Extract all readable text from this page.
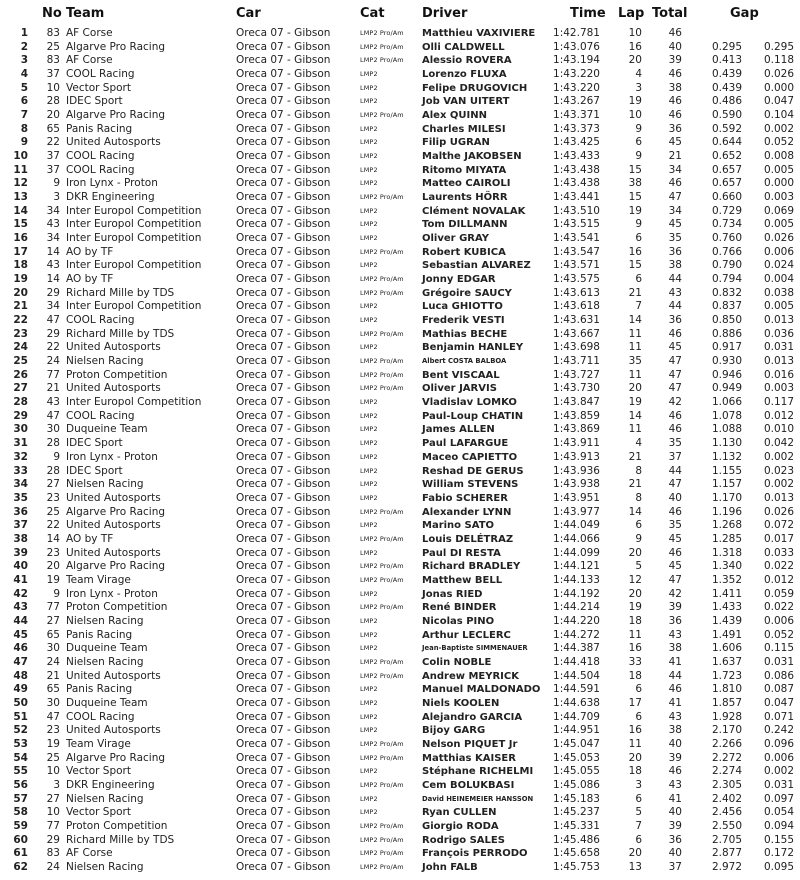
No Team	Car	Cat	Driver	Time Lap Total	Gap
1	83 AF Corse	Oreca 07 - Gibson	LMP2 Pro/Am Matthieu VAXIVIERE	1:42.781	10	46
2	25 Algarve Pro Racing	Oreca 07 - Gibson	LMP2 Pro/Am Olli CALDWELL	1:43.076	16	40	0.295	0.295
3	83 AF Corse	Oreca 07 - Gibson	LMP2 Pro/Am Alessio ROVERA	1:43.194	20	39	0.413	0.118
4	37 COOL Racing	Oreca 07 - Gibson	LMP2	Lorenzo FLUXA	1:43.220	4	46	0.439	0.026
5	10 Vector Sport	Oreca 07 - Gibson	LMP2	Felipe DRUGOVICH	1:43.220	3	38	0.439	0.000
6	28 IDEC Sport	Oreca 07 - Gibson	LMP2	Job VAN UITERT	1:43.267	19	46	0.486	0.047
7	20 Algarve Pro Racing	Oreca 07 - Gibson	LMP2 Pro/Am Alex QUINN	1:43.371	10	46	0.590	0.104
8	65 Panis Racing	Oreca 07 - Gibson	LMP2	Charles MILESI	1:43.373	9	36	0.592	0.002
9	22 United Autosports	Oreca 07 - Gibson	LMP2	Filip UGRAN	1:43.425	6	45	0.644	0.052
10	37 COOL Racing	Oreca 07 - Gibson	LMP2	Malthe JAKOBSEN	1:43.433	9	21	0.652	0.008
11	37 COOL Racing	Oreca 07 - Gibson	LMP2	Ritomo MIYATA	1:43.438	15	34	0.657	0.005
12	9 Iron Lynx - Proton	Oreca 07 - Gibson	LMP2	Matteo CAIROLI	1:43.438	38	46	0.657	0.000
13	3 DKR Engineering	Oreca 07 - Gibson	LMP2 Pro/Am Laurents HÖRR	1:43.441	15	47	0.660	0.003
14	34 Inter Europol Competition	Oreca 07 - Gibson	LMP2	Clément NOVALAK	1:43.510	19	34	0.729	0.069
15	43 Inter Europol Competition	Oreca 07 - Gibson	LMP2	Tom DILLMANN	1:43.515	9	45	0.734	0.005
16	34 Inter Europol Competition	Oreca 07 - Gibson	LMP2	Oliver GRAY	1:43.541	6	35	0.760	0.026
17	14 AO by TF	Oreca 07 - Gibson	LMP2 Pro/Am Robert KUBICA	1:43.547	16	36	0.766	0.006
18	43 Inter Europol Competition	Oreca 07 - Gibson	LMP2	Sebastian ALVAREZ	1:43.571	15	38	0.790	0.024
19	14 AO by TF	Oreca 07 - Gibson	LMP2 Pro/Am Jonny EDGAR	1:43.575	6	44	0.794	0.004
20	29 Richard Mille by TDS	Oreca 07 - Gibson	LMP2 Pro/Am Grégoire SAUCY	1:43.613	21	43	0.832	0.038
21	34 Inter Europol Competition	Oreca 07 - Gibson	LMP2	Luca GHIOTTO	1:43.618	7	44	0.837	0.005
22	47 COOL Racing	Oreca 07 - Gibson	LMP2	Frederik VESTI	1:43.631	14	36	0.850	0.013
23	29 Richard Mille by TDS	Oreca 07 - Gibson	LMP2 Pro/Am Mathias BECHE	1:43.667	11	46	0.886	0.036
24	22 United Autosports	Oreca 07 - Gibson	LMP2	Benjamin HANLEY	1:43.698	11	45	0.917	0.031
25	24 Nielsen Racing	Oreca 07 - Gibson	LMP2 Pro/Am	Albert COSTA BALBOA	1:43.711	35	47	0.930	0.013
26	77 Proton Competition	Oreca 07 - Gibson	LMP2 Pro/Am Bent VISCAAL	1:43.727	11	47	0.946	0.016
27	21 United Autosports	Oreca 07 - Gibson	LMP2 Pro/Am Oliver JARVIS	1:43.730	20	47	0.949	0.003
28	43 Inter Europol Competition	Oreca 07 - Gibson	LMP2	Vladislav LOMKO	1:43.847	19	42	1.066	0.117
29	47 COOL Racing	Oreca 07 - Gibson	LMP2	Paul-Loup CHATIN	1:43.859	14	46	1.078	0.012
30	30 Duqueine Team	Oreca 07 - Gibson	LMP2	James ALLEN	1:43.869	11	46	1.088	0.010
31	28 IDEC Sport	Oreca 07 - Gibson	LMP2	Paul LAFARGUE	1:43.911	4	35	1.130	0.042
32	9 Iron Lynx - Proton	Oreca 07 - Gibson	LMP2	Maceo CAPIETTO	1:43.913	21	37	1.132	0.002
33	28 IDEC Sport	Oreca 07 - Gibson	LMP2	Reshad DE GERUS	1:43.936	8	44	1.155	0.023
34	27 Nielsen Racing	Oreca 07 - Gibson	LMP2	William STEVENS	1:43.938	21	47	1.157	0.002
35	23 United Autosports	Oreca 07 - Gibson	LMP2	Fabio SCHERER	1:43.951	8	40	1.170	0.013
36	25 Algarve Pro Racing	Oreca 07 - Gibson	LMP2 Pro/Am Alexander LYNN	1:43.977	14	46	1.196	0.026
37	22 United Autosports	Oreca 07 - Gibson	LMP2	Marino SATO	1:44.049	6	35	1.268	0.072
38	14 AO by TF	Oreca 07 - Gibson	LMP2 Pro/Am Louis DELÉTRAZ	1:44.066	9	45	1.285	0.017
39	23 United Autosports	Oreca 07 - Gibson	LMP2	Paul DI RESTA	1:44.099	20	46	1.318	0.033
40	20 Algarve Pro Racing	Oreca 07 - Gibson	LMP2 Pro/Am Richard BRADLEY	1:44.121	5	45	1.340	0.022
41	19 Team Virage	Oreca 07 - Gibson	LMP2 Pro/Am Matthew BELL	1:44.133	12	47	1.352	0.012
42	9 Iron Lynx - Proton	Oreca 07 - Gibson	LMP2	Jonas RIED	1:44.192	20	42	1.411	0.059
43	77 Proton Competition	Oreca 07 - Gibson	LMP2 Pro/Am René BINDER	1:44.214	19	39	1.433	0.022
44	27 Nielsen Racing	Oreca 07 - Gibson	LMP2	Nicolas PINO	1:44.220	18	36	1.439	0.006
45	65 Panis Racing	Oreca 07 - Gibson	LMP2	Arthur LECLERC	1:44.272	11	43	1.491	0.052
46	30 Duqueine Team	Oreca 07 - Gibson	LMP2	Jean-Baptiste SIMMENAUER	1:44.387	16	38	1.606	0.115
47	24 Nielsen Racing	Oreca 07 - Gibson	LMP2 Pro/Am Colin NOBLE	1:44.418	33	41	1.637	0.031
48	21 United Autosports	Oreca 07 - Gibson	LMP2 Pro/Am Andrew MEYRICK	1:44.504	18	44	1.723	0.086
49	65 Panis Racing	Oreca 07 - Gibson	LMP2	Manuel MALDONADO	1:44.591	6	46	1.810	0.087
50	30 Duqueine Team	Oreca 07 - Gibson	LMP2	Niels KOOLEN	1:44.638	17	41	1.857	0.047
51	47 COOL Racing	Oreca 07 - Gibson	LMP2	Alejandro GARCIA	1:44.709	6	43	1.928	0.071
52	23 United Autosports	Oreca 07 - Gibson	LMP2	Bijoy GARG	1:44.951	16	38	2.170	0.242
53	19 Team Virage	Oreca 07 - Gibson	LMP2 Pro/Am Nelson PIQUET Jr	1:45.047	11	40	2.266	0.096
54	25 Algarve Pro Racing	Oreca 07 - Gibson	LMP2 Pro/Am Matthias KAISER	1:45.053	20	39	2.272	0.006
55	10 Vector Sport	Oreca 07 - Gibson	LMP2	Stéphane RICHELMI	1:45.055	18	46	2.274	0.002
56	3 DKR Engineering	Oreca 07 - Gibson	LMP2 Pro/Am Cem BOLUKBASI	1:45.086	3	43	2.305	0.031
57	27 Nielsen Racing	Oreca 07 - Gibson	LMP2	David HEINEMEIER HANSSON	1:45.183	6	41	2.402	0.097
58	10 Vector Sport	Oreca 07 - Gibson	LMP2	Ryan CULLEN	1:45.237	5	40	2.456	0.054
59	77 Proton Competition	Oreca 07 - Gibson	LMP2 Pro/Am Giorgio RODA	1:45.331	7	39	2.550	0.094
60	29 Richard Mille by TDS	Oreca 07 - Gibson	LMP2 Pro/Am Rodrigo SALES	1:45.486	6	36	2.705	0.155
61	83 AF Corse	Oreca 07 - Gibson	LMP2 Pro/Am François PERRODO	1:45.658	20	40	2.877	0.172
62	24 Nielsen Racing	Oreca 07 - Gibson	LMP2 Pro/Am John FALB	1:45.753	13	37	2.972	0.095
